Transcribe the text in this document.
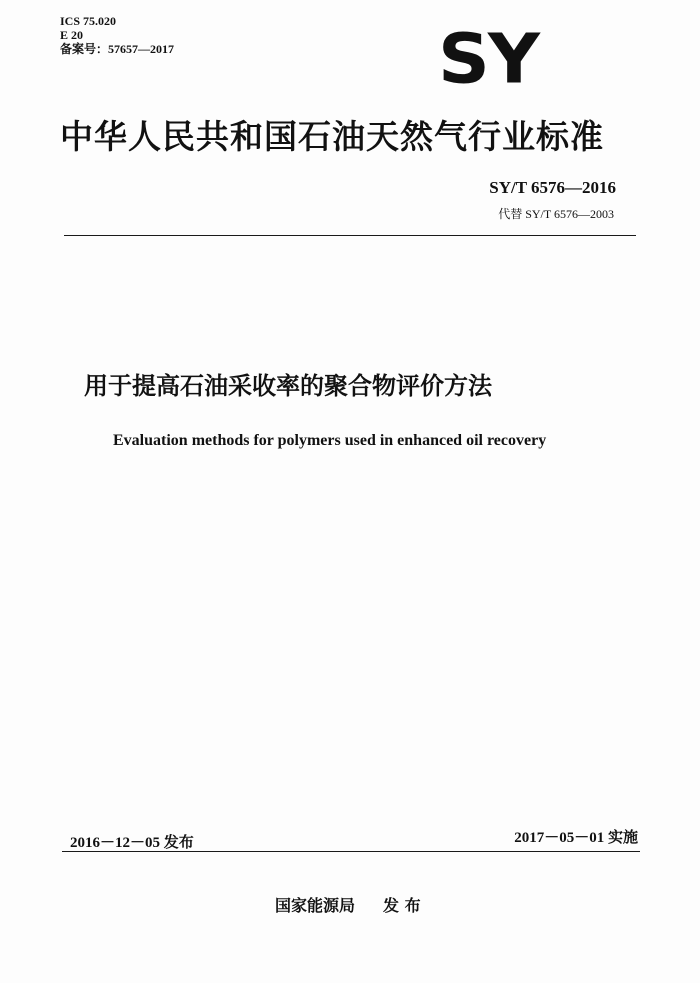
ICS 75.020
E 20
备案号：57657—2017	SY
中华人民共和国石油天然气行业标准
SY/T 6576—2016
代替 SY/T 6576—2003
用于提高石油采收率的聚合物评价方法
Evaluation methods for polymers used in enhanced oil recovery
2016－12－05 发布	2017－05－01 实施
国家能源局 发 布
